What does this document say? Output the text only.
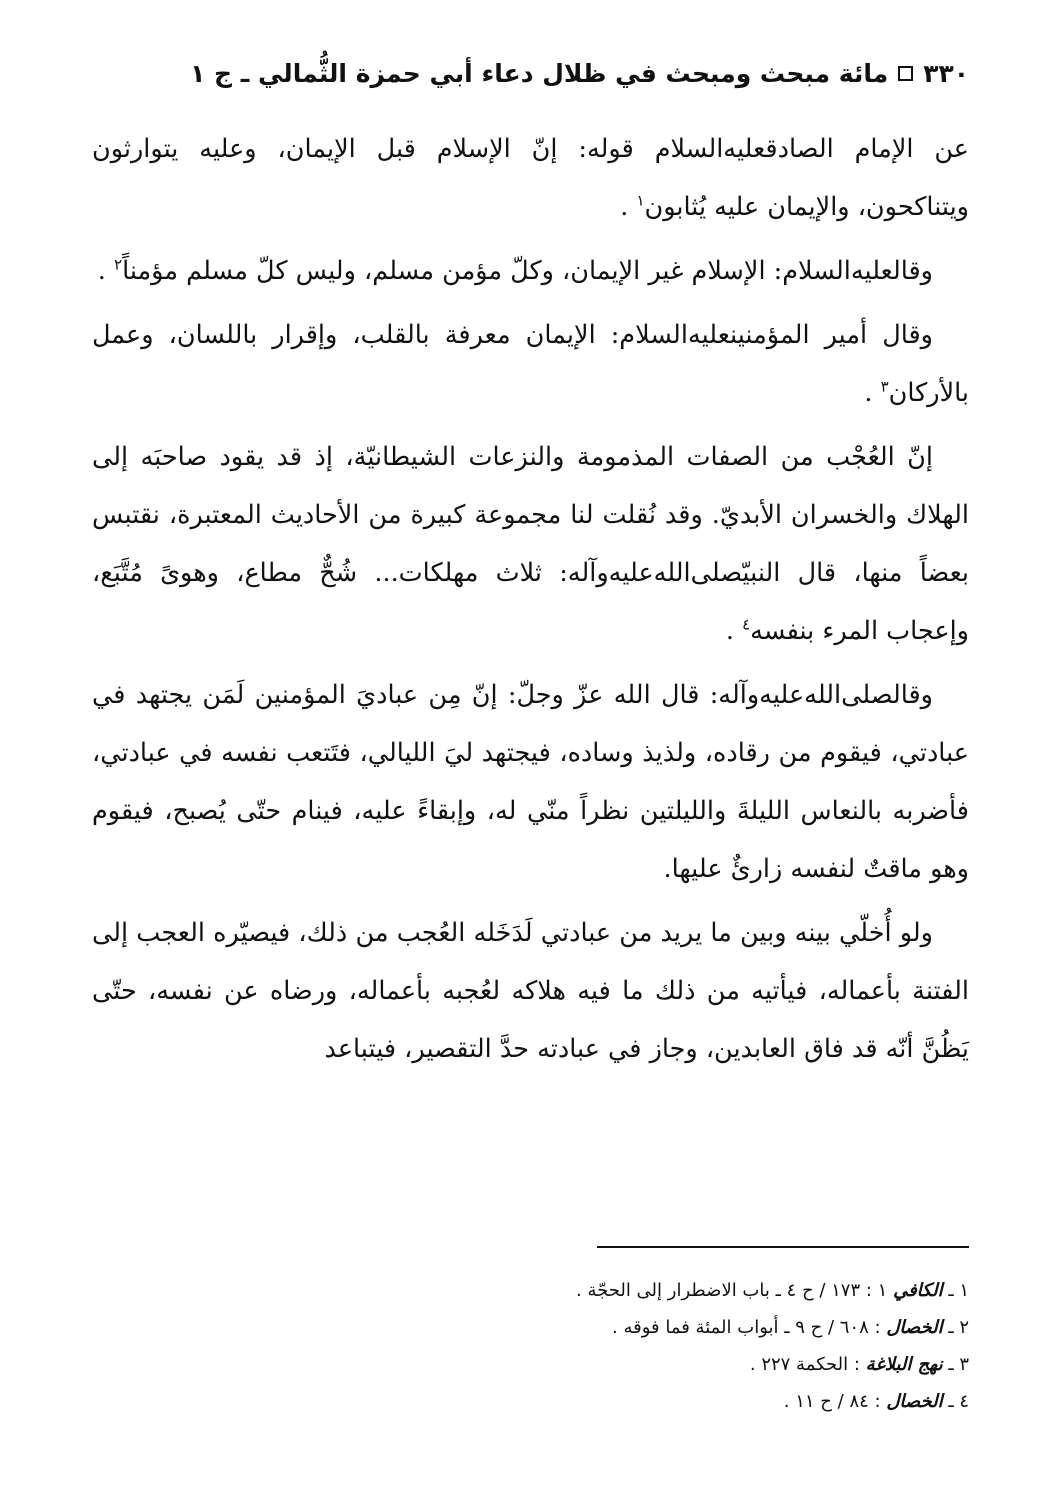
٣٣٠
مائة مبحث ومبحث في ظلال دعاء أبي حمزة الثُّمالي ـ ج ١

عن الإمام الصادقعليه‌السلام قوله: إنّ الإسلام قبل الإيمان، وعليه يتوارثون ويتناكحون، والإيمان عليه يُثابون$^١$ .

وقالعليه‌السلام: الإسلام غير الإيمان، وكلّ مؤمن مسلم، وليس كلّ مسلم مؤمناً$^٢$ .

وقال أمير المؤمنينعليه‌السلام: الإيمان معرفة بالقلب، وإقرار باللسان، وعمل بالأركان$^٣$ .

إنّ العُجْب من الصفات المذمومة والنزعات الشيطانيّة، إذ قد يقود صاحبَه إلى الهلاك والخسران الأبديّ. وقد نُقلت لنا مجموعة كبيرة من الأحاديث المعتبرة، نقتبس بعضاً منها، قال النبيّصلى‌الله‌عليه‌وآله: ثلاث مهلكات... شُحٌّ مطاع، وهوىً مُتَّبَع، وإعجاب المرء بنفسه$^٤$ .

وقالصلى‌الله‌عليه‌وآله: قال الله عزّ وجلّ: إنّ مِن عباديَ المؤمنين لَمَن يجتهد في عبادتي، فيقوم من رقاده، ولذيذ وساده، فيجتهد ليَ الليالي، فتَتعب نفسه في عبادتي، فأضربه بالنعاس الليلةَ والليلتين نظراً منّي له، وإبقاءً عليه، فينام حتّى يُصبح، فيقوم وهو ماقتٌ لنفسه زارئٌ عليها.

ولو أُخلّي بينه وبين ما يريد من عبادتي لَدَخَله العُجب من ذلك، فيصيّره العجب إلى الفتنة بأعماله، فيأتيه من ذلك ما فيه هلاكه لعُجبه بأعماله، ورضاه عن نفسه، حتّى يَظُنَّ أنّه قد فاق العابدين، وجاز في عبادته حدَّ التقصير، فيتباعد

١ ـ الكافي ١ : ١٧٣ / ح ٤ ـ باب الاضطرار إلى الحجّة .
٢ ـ الخصال : ٦٠٨ / ح ٩ ـ أبواب المئة فما فوقه .
٣ ـ نهج البلاغة : الحكمة ٢٢٧ .
٤ ـ الخصال : ٨٤ / ح ١١ .
